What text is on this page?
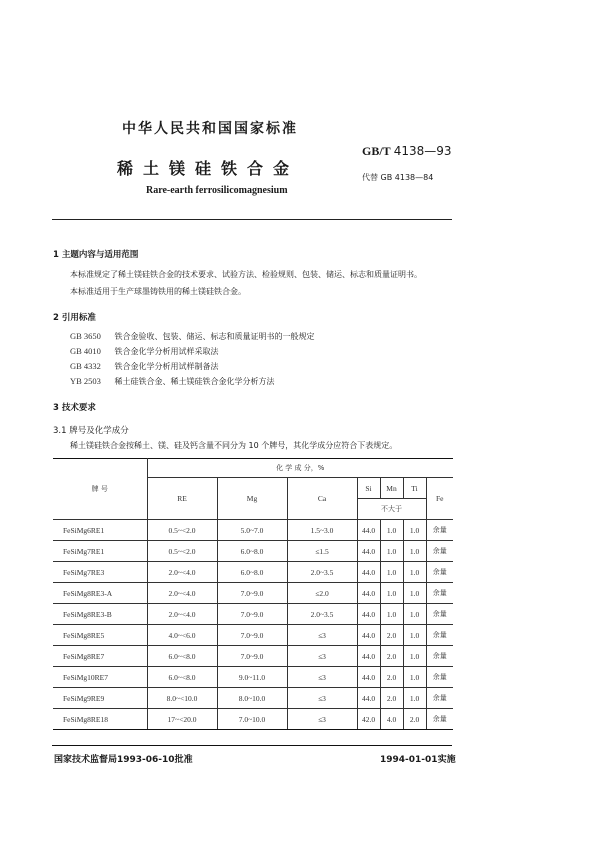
中华人民共和国国家标准
稀土镁硅铁合金
Rare-earth ferrosilicomagnesium
GB/T 4138—93
代替 GB 4138—84
1 主题内容与适用范围
本标准规定了稀土镁硅铁合金的技术要求、试验方法、检验规则、包装、储运、标志和质量证明书。
本标准适用于生产球墨铸铁用的稀土镁硅铁合金。
2 引用标准
GB 3650 铁合金验收、包装、储运、标志和质量证明书的一般规定
GB 4010 铁合金化学分析用试样采取法
GB 4332 铁合金化学分析用试样制备法
YB 2503 稀土硅铁合金、稀土镁硅铁合金化学分析方法
3 技术要求
3.1 牌号及化学成分
稀土镁硅铁合金按稀土、镁、硅及钙含量不同分为 10 个牌号，其化学成分应符合下表规定。
牌 号	化 学 成 分，%						
	RE	Mg	Ca	Si	Mn	Ti	Fe
				不大于			
FeSiMg6RE1	0.5~<2.0	5.0~7.0	1.5~3.0	44.0	1.0	1.0	余量
FeSiMg7RE1	0.5~<2.0	6.0~8.0	≤1.5	44.0	1.0	1.0	余量
FeSiMg7RE3	2.0~<4.0	6.0~8.0	2.0~3.5	44.0	1.0	1.0	余量
FeSiMg8RE3-A	2.0~<4.0	7.0~9.0	≤2.0	44.0	1.0	1.0	余量
FeSiMg8RE3-B	2.0~<4.0	7.0~9.0	2.0~3.5	44.0	1.0	1.0	余量
FeSiMg8RE5	4.0~<6.0	7.0~9.0	≤3	44.0	2.0	1.0	余量
FeSiMg8RE7	6.0~<8.0	7.0~9.0	≤3	44.0	2.0	1.0	余量
FeSiMg10RE7	6.0~<8.0	9.0~11.0	≤3	44.0	2.0	1.0	余量
FeSiMg9RE9	8.0~<10.0	8.0~10.0	≤3	44.0	2.0	1.0	余量
FeSiMg8RE18	17~<20.0	7.0~10.0	≤3	42.0	4.0	2.0	余量
国家技术监督局1993-06-10批准	1994-01-01实施
